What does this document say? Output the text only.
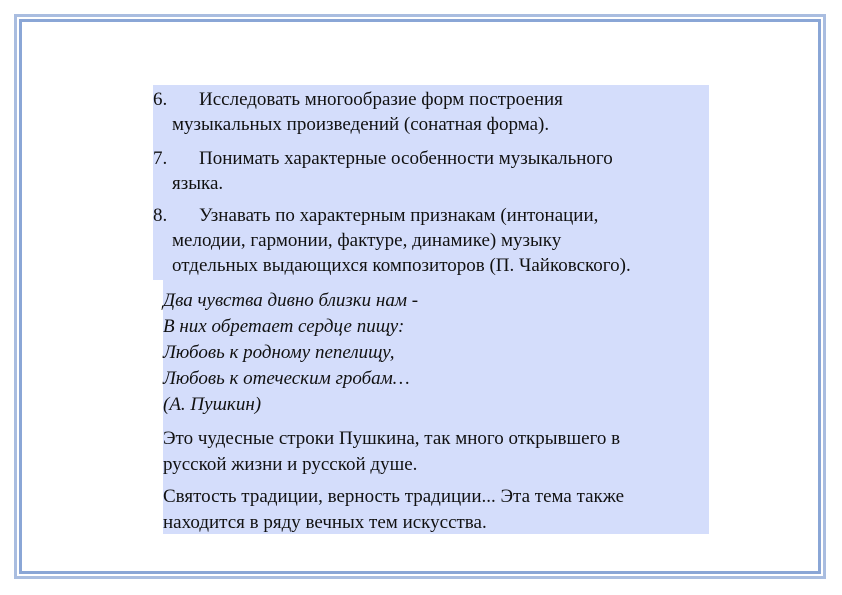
6. Исследовать многообразие форм построения
музыкальных произведений (сонатная форма).
7. Понимать характерные особенности музыкального
языка.
8. Узнавать по характерным признакам (интонации,
мелодии, гармонии, фактуре, динамике) музыку
отдельных выдающихся композиторов (П. Чайковского).
Два чувства дивно близки нам -
В них обретает сердце пищу:
Любовь к родному пепелищу,
Любовь к отеческим гробам…
(А. Пушкин)
Это чудесные строки Пушкина, так много открывшего в
русской жизни и русской душе.
Святость традиции, верность традиции... Эта тема также
находится в ряду вечных тем искусства.
